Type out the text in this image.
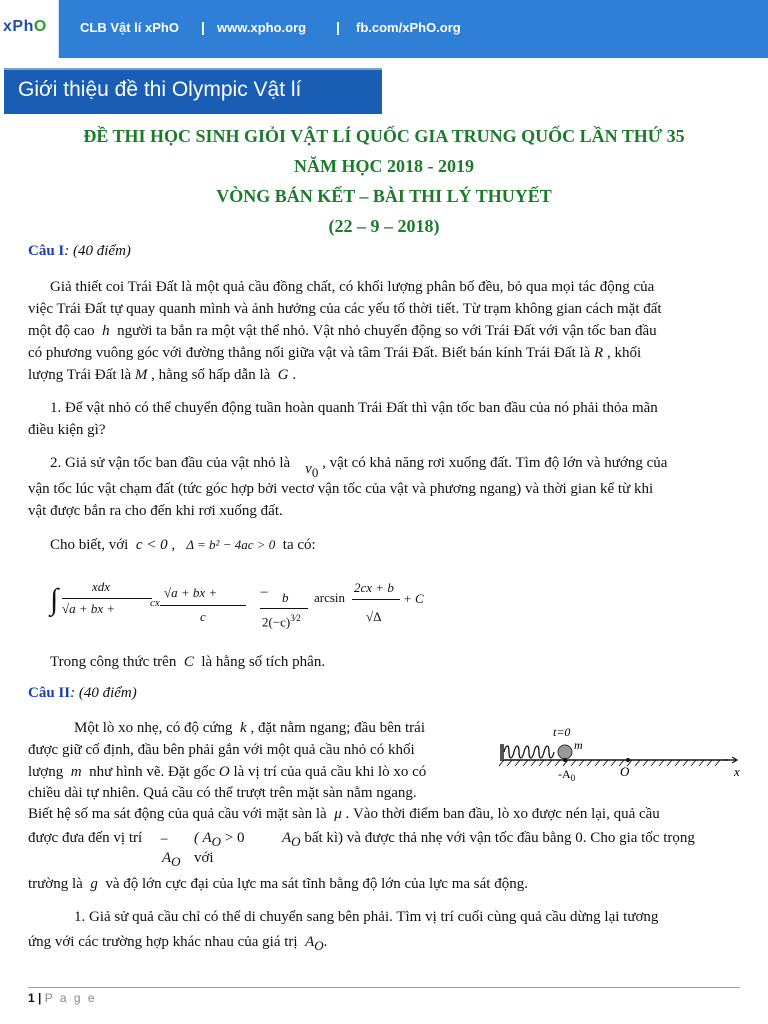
xPhO	CLB Vật lí xPhO | www.xpho.org | fb.com/xPhO.org
Giới thiệu đề thi Olympic Vật lí
ĐỀ THI HỌC SINH GIỎI VẬT LÍ QUỐC GIA TRUNG QUỐC LẦN THỨ 35
NĂM HỌC 2018 - 2019
VÒNG BÁN KẾT – BÀI THI LÝ THUYẾT
(22 – 9 – 2018)
Câu I: (40 điểm)
Giả thiết coi Trái Đất là một quả cầu đồng chất, có khối lượng phân bố đều, bỏ qua mọi tác động của
việc Trái Đất tự quay quanh mình và ảnh hưởng của các yếu tố thời tiết. Từ trạm không gian cách mặt đất
một độ cao h người ta bắn ra một vật thể nhỏ. Vật nhỏ chuyển động so với Trái Đất với vận tốc ban đầu
có phương vuông góc với đường thẳng nối giữa vật và tâm Trái Đất. Biết bán kính Trái Đất là R , khối
lượng Trái Đất là M , hằng số hấp dẫn là G .
1. Để vật nhỏ có thể chuyển động tuần hoàn quanh Trái Đất thì vận tốc ban đầu của nó phải thỏa mãn
điều kiện gì?
2. Giả sử vận tốc ban đầu của vật nhỏ là $v_0$ , vật có khả năng rơi xuống đất. Tìm độ lớn và hướng của
vận tốc lúc vật chạm đất (tức góc hợp bởi vectơ vận tốc của vật và phương ngang) và thời gian kể từ khi
vật được bắn ra cho đến khi rơi xuống đất.
Cho biết, với c < 0 , Δ = b² − 4ac > 0 ta có:
∫	xdx
√a + bx +	cx
√a + bx +
c
− b
$2(-c)^{3⁄2}$
arcsin
2cx + b
√Δ
+ C
Trong công thức trên C là hằng số tích phân.
Câu II: (40 điểm)
Một lò xo nhẹ, có độ cứng k , đặt nằm ngang; đầu bên trái
được giữ cố định, đầu bên phải gắn với một quả cầu nhỏ có khối
lượng m như hình vẽ. Đặt gốc O là vị trí của quả cầu khi lò xo có
chiều dài tự nhiên. Quả cầu có thể trượt trên mặt sàn nằm ngang.
Biết hệ số ma sát động của quả cầu với mặt sàn là μ . Vào thời điểm ban đầu, lò xo được nén lại, quả cầu
được đưa đến vị trí −
$A_O$
( $A_O > 0$
với
$A_O$ bất kì) và được thả nhẹ với vận tốc đầu bằng 0. Cho gia tốc trọng
trường là g và độ lớn cực đại của lực ma sát tĩnh bằng độ lớn của lực ma sát động.
1. Giả sử quả cầu chỉ có thể di chuyển sang bên phải. Tìm vị trí cuối cùng quả cầu dừng lại tương
ứng với các trường hợp khác nhau của giá trị $A_O$.
t=0
m
$-A_0$	O	x
1 | P a g e
